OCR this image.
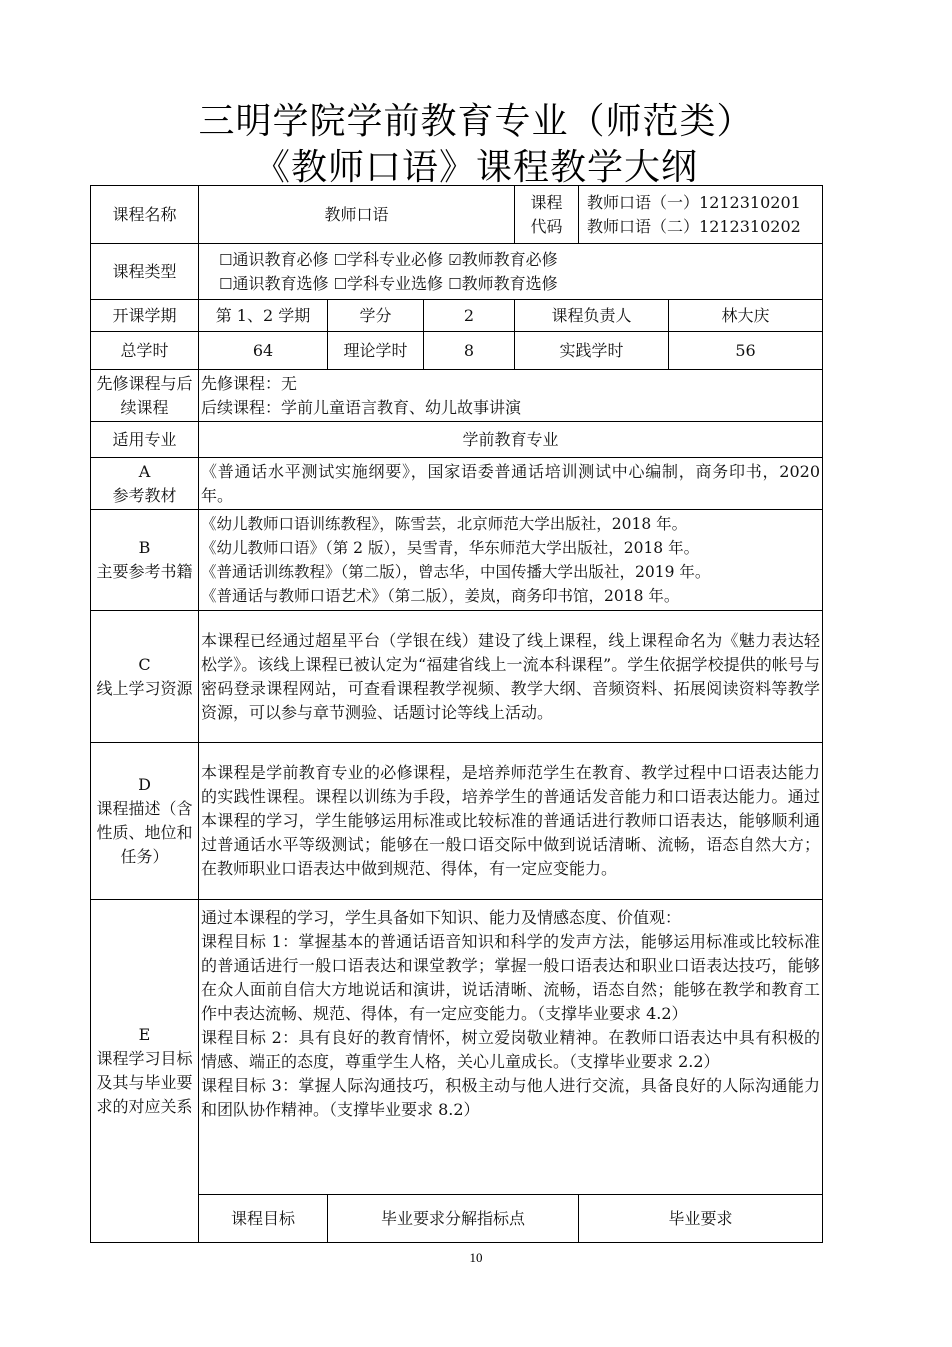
三明学院学前教育专业（师范类）
《教师口语》课程教学大纲
课程名称	教师口语			课程代码	教师口语（一）1212310201
教师口语（二）1212310202	

课程类型	☐通识教育必修 ☐学科专业必修 ☑教师教育必修
☐通识教育选修 ☐学科专业选修 ☐教师教育选修					

开课学期	第 1、2 学期	学分	2	课程负责人		林大庆
总学时	64	理论学时	8	实践学时		56
先修课程与后续课程	先修课程：无
后续课程：学前儿童语言教育、幼儿故事讲演					

适用专业	学前教育专业					

A
参考教材	《普通话水平测试实施纲要》，国家语委普通话培训测试中心编制，商务印书，2020 年。					

B
主要参考书籍	《幼儿教师口语训练教程》，陈雪芸，北京师范大学出版社，2018 年。
《幼儿教师口语》（第 2 版），吴雪青，华东师范大学出版社，2018 年。
《普通话训练教程》（第二版），曾志华，中国传播大学出版社，2019 年。
《普通话与教师口语艺术》（第二版），姜岚，商务印书馆，2018 年。					

C
线上学习资源	本课程已经通过超星平台（学银在线）建设了线上课程，线上课程命名为《魅力表达轻松学》。该线上课程已被认定为“福建省线上一流本科课程”。学生依据学校提供的帐号与密码登录课程网站，可查看课程教学视频、教学大纲、音频资料、拓展阅读资料等教学资源，可以参与章节测验、话题讨论等线上活动。					

D
课程描述（含性质、地位和任务）	本课程是学前教育专业的必修课程，是培养师范学生在教育、教学过程中口语表达能力的实践性课程。课程以训练为手段，培养学生的普通话发音能力和口语表达能力。通过本课程的学习，学生能够运用标准或比较标准的普通话进行教师口语表达，能够顺利通过普通话水平等级测试；能够在一般口语交际中做到说话清晰、流畅，语态自然大方；在教师职业口语表达中做到规范、得体，有一定应变能力。					

E
课程学习目标及其与毕业要求的对应关系	通过本课程的学习，学生具备如下知识、能力及情感态度、价值观：
课程目标 1：掌握基本的普通话语音知识和科学的发声方法，能够运用标准或比较标准的普通话进行一般口语表达和课堂教学；掌握一般口语表达和职业口语表达技巧，能够在众人面前自信大方地说话和演讲，说话清晰、流畅，语态自然；能够在教学和教育工作中表达流畅、规范、得体，有一定应变能力。（支撑毕业要求 4.2）
课程目标 2：具有良好的教育情怀，树立爱岗敬业精神。在教师口语表达中具有积极的情感、端正的态度，尊重学生人格，关心儿童成长。（支撑毕业要求 2.2）
课程目标 3：掌握人际沟通技巧，积极主动与他人进行交流，具备良好的人际沟通能力和团队协作精神。（支撑毕业要求 8.2）					

	课程目标	毕业要求分解指标点			毕业要求	
10
